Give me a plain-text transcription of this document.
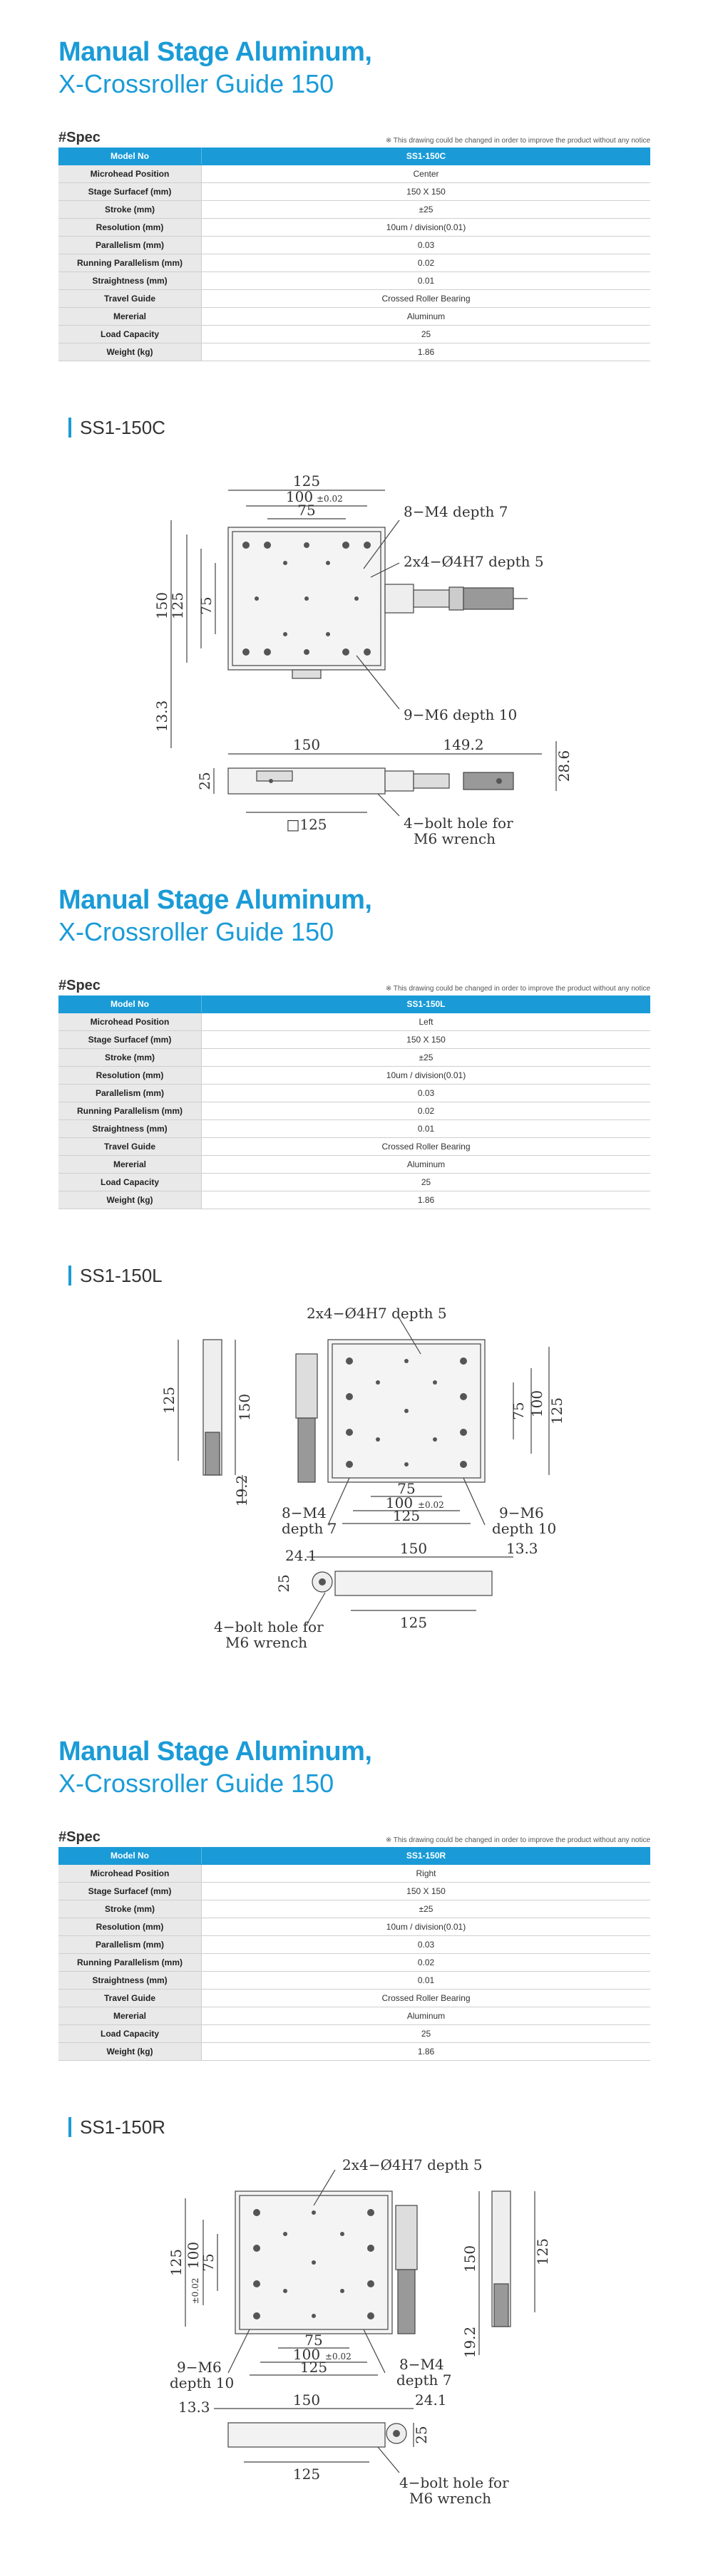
Manual Stage Aluminum,
X-Crossroller Guide 150
#Spec	※ This drawing could be changed in order to improve the product without any notice
Model No	SS1-150C
Microhead Position	Center
Stage Surfacef (mm)	150 X 150
Stroke (mm)	±25
Resolution (mm)	10um / division(0.01)
Parallelism (mm)	0.03
Running Parallelism (mm)	0.02
Straightness (mm)	0.01
Travel Guide	Crossed Roller Bearing
Mererial	Aluminum
Load Capacity	25
Weight (kg)	1.86
SS1-150C
125
100 ±0.02
75	8−M4 depth 7
2x4−Ø4H7 depth 5
9−M6 depth 10
150
125 75
13.3
150	149.2
28.6
25
□125	4−bolt hole for
M6 wrench
Manual Stage Aluminum,
X-Crossroller Guide 150
#Spec	※ This drawing could be changed in order to improve the product without any notice
Model No	SS1-150L
Microhead Position	Left
Stage Surfacef (mm)	150 X 150
Stroke (mm)	±25
Resolution (mm)	10um / division(0.01)
Parallelism (mm)	0.03
Running Parallelism (mm)	0.02
Straightness (mm)	0.01
Travel Guide	Crossed Roller Bearing
Mererial	Aluminum
Load Capacity	25
Weight (kg)	1.86
SS1-150L
2x4−Ø4H7 depth 5
125	150
19.2
75 100 125
75
100 ±0.02
125
8−M4
depth 7
9−M6
depth 10
24.1	150	13.3
25
125
4−bolt hole for
M6 wrench
Manual Stage Aluminum,
X-Crossroller Guide 150
#Spec	※ This drawing could be changed in order to improve the product without any notice
Model No	SS1-150R
Microhead Position	Right
Stage Surfacef (mm)	150 X 150
Stroke (mm)	±25
Resolution (mm)	10um / division(0.01)
Parallelism (mm)	0.03
Running Parallelism (mm)	0.02
Straightness (mm)	0.01
Travel Guide	Crossed Roller Bearing
Mererial	Aluminum
Load Capacity	25
Weight (kg)	1.86
SS1-150R
2x4−Ø4H7 depth 5
125 100
±0.02
75
75
100 ±0.02
125
9−M6
depth 10
8−M4
depth 7
150	125
19.2
13.3	150	24.1
25
125	4−bolt hole for
M6 wrench
